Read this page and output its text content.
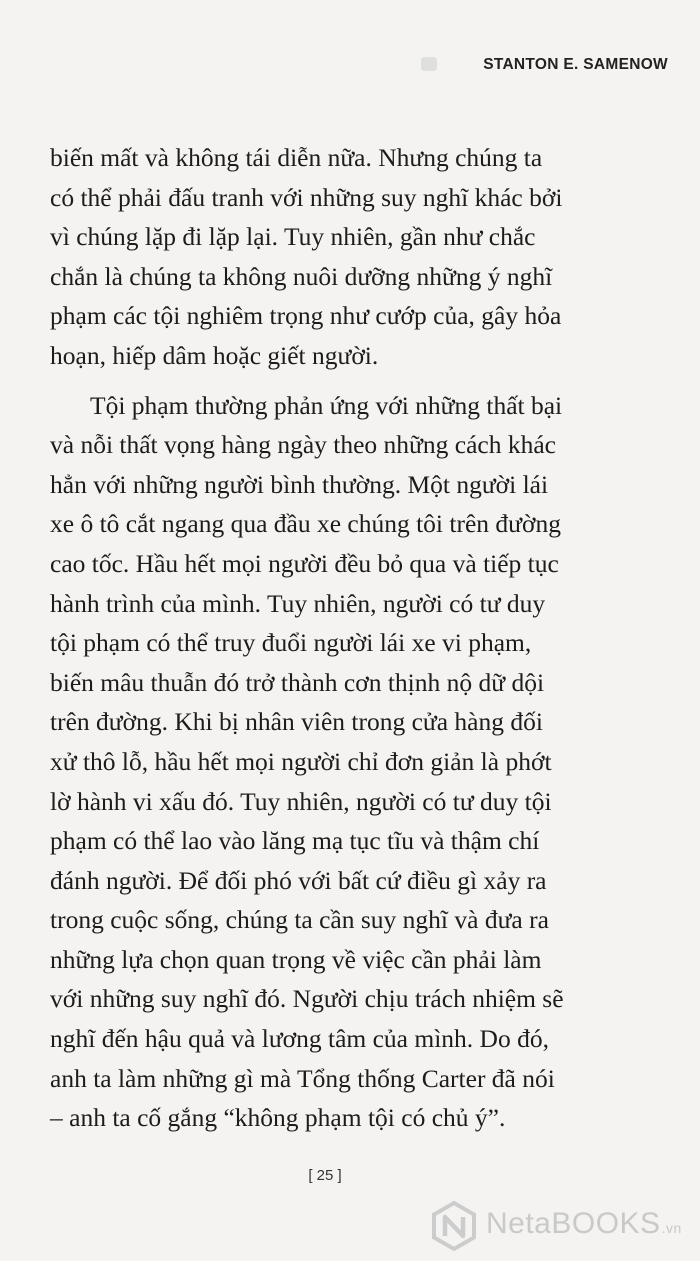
STANTON E. SAMENOW
biến mất và không tái diễn nữa. Nhưng chúng ta
có thể phải đấu tranh với những suy nghĩ khác bởi
vì chúng lặp đi lặp lại. Tuy nhiên, gần như chắc
chắn là chúng ta không nuôi dưỡng những ý nghĩ
phạm các tội nghiêm trọng như cướp của, gây hỏa
hoạn, hiếp dâm hoặc giết người.
Tội phạm thường phản ứng với những thất bại
và nỗi thất vọng hàng ngày theo những cách khác
hẳn với những người bình thường. Một người lái
xe ô tô cắt ngang qua đầu xe chúng tôi trên đường
cao tốc. Hầu hết mọi người đều bỏ qua và tiếp tục
hành trình của mình. Tuy nhiên, người có tư duy
tội phạm có thể truy đuổi người lái xe vi phạm,
biến mâu thuẫn đó trở thành cơn thịnh nộ dữ dội
trên đường. Khi bị nhân viên trong cửa hàng đối
xử thô lỗ, hầu hết mọi người chỉ đơn giản là phớt
lờ hành vi xấu đó. Tuy nhiên, người có tư duy tội
phạm có thể lao vào lăng mạ tục tĩu và thậm chí
đánh người. Để đối phó với bất cứ điều gì xảy ra
trong cuộc sống, chúng ta cần suy nghĩ và đưa ra
những lựa chọn quan trọng về việc cần phải làm
với những suy nghĩ đó. Người chịu trách nhiệm sẽ
nghĩ đến hậu quả và lương tâm của mình. Do đó,
anh ta làm những gì mà Tổng thống Carter đã nói
– anh ta cố gắng “không phạm tội có chủ ý”.
[ 25 ]
NetaBOOKS.vn
